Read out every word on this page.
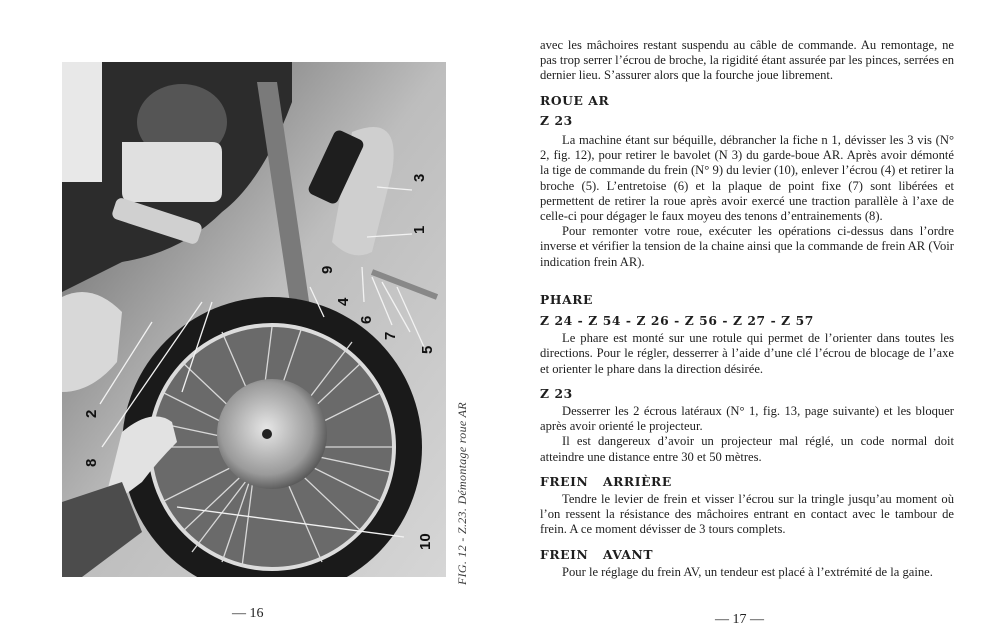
3
1
9
4
6
7
5
2
8
10 FIG. 12 - Z.23. Démontage roue AR
— 16

avec les mâchoires restant suspendu au câble de commande. Au remontage, ne pas trop serrer l’écrou de broche, la rigidité étant assurée par les pinces, serrées en dernier lieu. S’assurer alors que la fourche joue librement.

ROUE AR

Z 23

La machine étant sur béquille, débrancher la fiche n 1, dévisser les 3 vis (N° 2, fig. 12), pour retirer le bavolet (N 3) du garde-boue AR. Après avoir démonté la tige de commande du frein (N° 9) du levier (10), enlever l’écrou (4) et retirer la broche (5). L’entretoise (6) et la plaque de point fixe (7) sont libérées et permettent de retirer la roue après avoir exercé une traction parallèle à l’axe de celle-ci pour dégager le faux moyeu des tenons d’entrainements (8).

Pour remonter votre roue, exécuter les opérations ci-dessus dans l’ordre inverse et vérifier la tension de la chaine ainsi que la commande de frein AR (Voir indication frein AR).

PHARE

Z 24 - Z 54 - Z 26 - Z 56 - Z 27 - Z 57

Le phare est monté sur une rotule qui permet de l’orienter dans toutes les directions. Pour le régler, desserrer à l’aide d’une clé l’écrou de blocage de l’axe et orienter le phare dans la direction désirée.

Z 23

Desserrer les 2 écrous latéraux (N° 1, fig. 13, page suivante) et les bloquer après avoir orienté le projecteur.

Il est dangereux d’avoir un projecteur mal réglé, un code normal doit atteindre une distance entre 30 et 50 mètres.

FREIN   ARRIÈRE

Tendre le levier de frein et visser l’écrou sur la tringle jusqu’au moment où l’on ressent la résistance des mâchoires entrant en contact avec le tambour de frein. A ce moment dévisser de 3 tours complets.

FREIN   AVANT

Pour le réglage du frein AV, un tendeur est placé à l’extrémité de la gaine.

— 17 —
